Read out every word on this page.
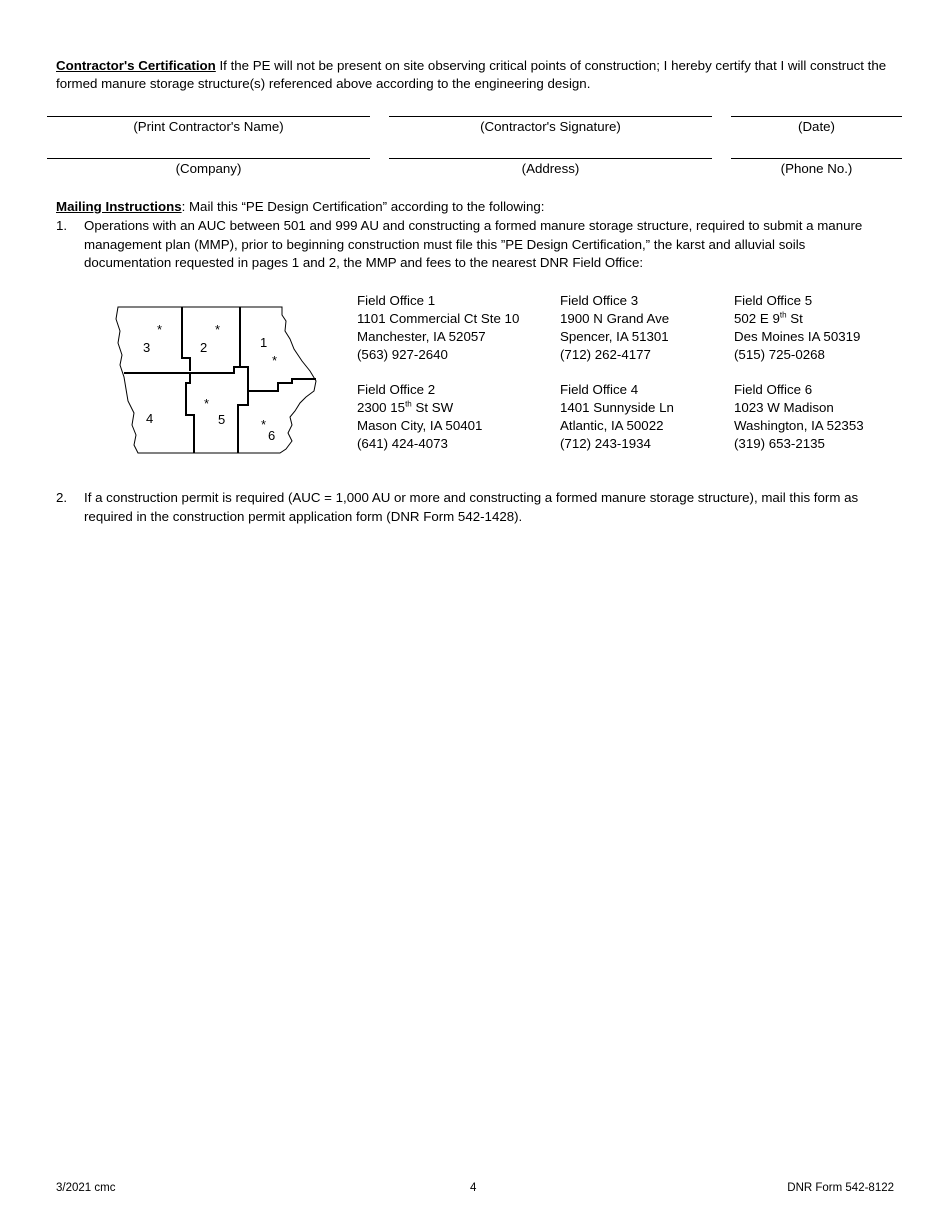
Contractor's Certification If the PE will not be present on site observing critical points of construction; I hereby certify that I will construct the formed manure storage structure(s) referenced above according to the engineering design.
(Print Contractor's Name)	(Contractor's Signature)	(Date)
(Company)	(Address)	(Phone No.)
Mailing Instructions: Mail this “PE Design Certification” according to the following:
1. Operations with an AUC between 501 and 999 AU and constructing a formed manure storage structure, required to submit a manure management plan (MMP), prior to beginning construction must file this ”PE Design Certification,” the karst and alluvial soils documentation requested in pages 1 and 2, the MMP and fees to the nearest DNR Field Office:
3	2	1
4	5
6
*	*
*
*
*
Field Office 1
1101 Commercial Ct Ste 10
Manchester, IA 52057
(563) 927-2640
Field Office 2
2300 15th St SW
Mason City, IA 50401
(641) 424-4073
Field Office 3
1900 N Grand Ave
Spencer, IA 51301
(712) 262-4177
Field Office 4
1401 Sunnyside Ln
Atlantic, IA 50022
(712) 243-1934
Field Office 5
502 E 9th St
Des Moines IA 50319
(515) 725-0268
Field Office 6
1023 W Madison
Washington, IA 52353
(319) 653-2135
2. If a construction permit is required (AUC = 1,000 AU or more and constructing a formed manure storage structure), mail this form as required in the construction permit application form (DNR Form 542-1428).
3/2021 cmc	4	DNR Form 542-8122
